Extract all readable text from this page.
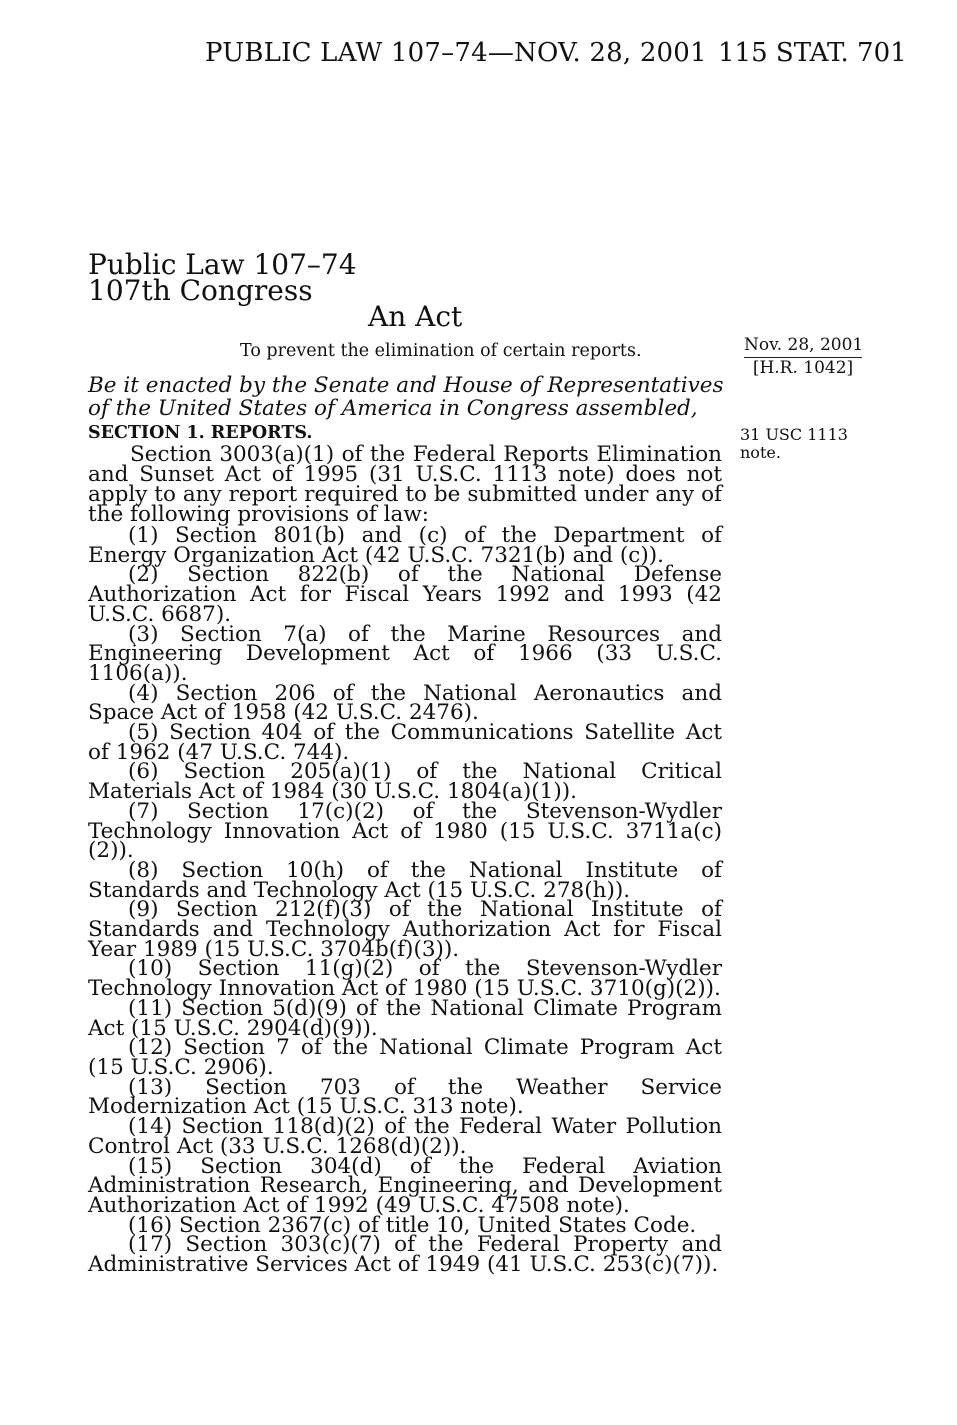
PUBLIC LAW 107–74—NOV. 28, 2001 115 STAT. 701
Public Law 107–74
107th Congress
An Act
To prevent the elimination of certain reports.	Nov. 28, 2001
[H.R. 1042]

Be it enacted by the Senate and House of Representatives of the United States of America in Congress assembled,

SECTION 1. REPORTS.	31 USC 1113 note.

Section 3003(a)(1) of the Federal Reports Elimination and Sunset Act of 1995 (31 U.S.C. 1113 note) does not apply to any report required to be submitted under any of the following provisions of law:

(1) Section 801(b) and (c) of the Department of Energy Organization Act (42 U.S.C. 7321(b) and (c)).

(2) Section 822(b) of the National Defense Authorization Act for Fiscal Years 1992 and 1993 (42 U.S.C. 6687).

(3) Section 7(a) of the Marine Resources and Engineering Development Act of 1966 (33 U.S.C. 1106(a)).

(4) Section 206 of the National Aeronautics and Space Act of 1958 (42 U.S.C. 2476).

(5) Section 404 of the Communications Satellite Act of 1962 (47 U.S.C. 744).

(6) Section 205(a)(1) of the National Critical Materials Act of 1984 (30 U.S.C. 1804(a)(1)).

(7) Section 17(c)(2) of the Stevenson-Wydler Technology Innovation Act of 1980 (15 U.S.C. 3711a(c)(2)).

(8) Section 10(h) of the National Institute of Standards and Technology Act (15 U.S.C. 278(h)).

(9) Section 212(f)(3) of the National Institute of Standards and Technology Authorization Act for Fiscal Year 1989 (15 U.S.C. 3704b(f)(3)).

(10) Section 11(g)(2) of the Stevenson-Wydler Technology Innovation Act of 1980 (15 U.S.C. 3710(g)(2)).

(11) Section 5(d)(9) of the National Climate Program Act (15 U.S.C. 2904(d)(9)).

(12) Section 7 of the National Climate Program Act (15 U.S.C. 2906).

(13) Section 703 of the Weather Service Modernization Act (15 U.S.C. 313 note).

(14) Section 118(d)(2) of the Federal Water Pollution Control Act (33 U.S.C. 1268(d)(2)).

(15) Section 304(d) of the Federal Aviation Administration Research, Engineering, and Development Authorization Act of 1992 (49 U.S.C. 47508 note).

(16) Section 2367(c) of title 10, United States Code.

(17) Section 303(c)(7) of the Federal Property and Administrative Services Act of 1949 (41 U.S.C. 253(c)(7)).
